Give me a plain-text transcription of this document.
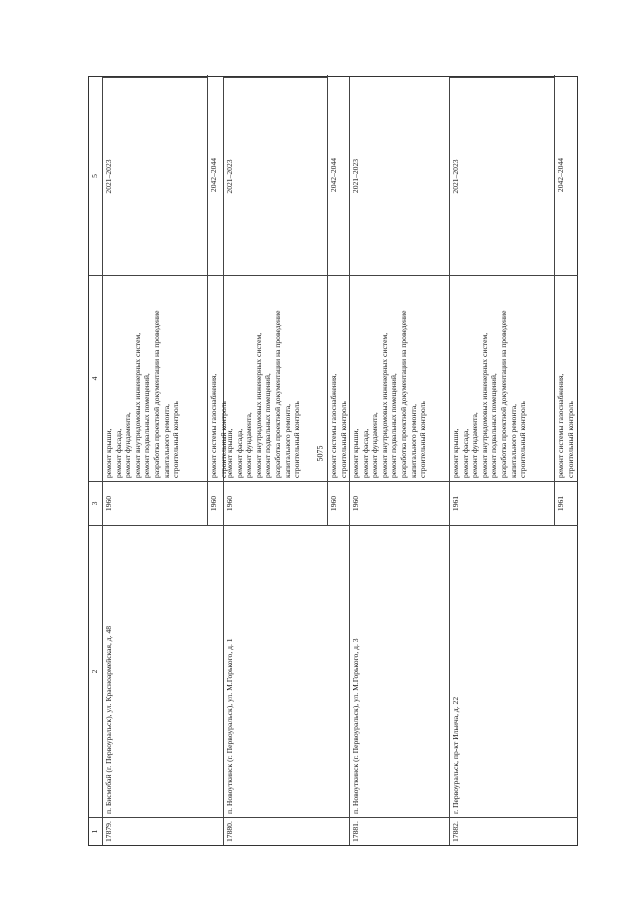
5075
1
2
3
4
5
17879.
п. Бисмобай (г. Первоуральск), ул. Красноармейская, д. 48
1960
ремонт крыши,
ремонт фасада,
ремонт фундамента,
ремонт внутридомовых инженерных систем,
ремонт подвальных помещений,
разработка проектной документации на проведение капитального ремонта,
строительный контроль
2021–2023
1960
ремонт системы газоснабжения,
строительный контроль
2042–2044
17880.
п. Новоуткинск (г. Первоуральск), ул. М.Горького, д. 1
1960
ремонт крыши,
ремонт фасада,
ремонт фундамента,
ремонт внутридомовых инженерных систем,
ремонт подвальных помещений,
разработка проектной документации на проведение капитального ремонта,
строительный контроль
2021–2023
1960
ремонт системы газоснабжения,
строительный контроль
2042–2044
17881.
п. Новоуткинск (г. Первоуральск), ул. М.Горького, д. 3
1960
ремонт крыши,
ремонт фасада,
ремонт фундамента,
ремонт внутридомовых инженерных систем,
ремонт подвальных помещений,
разработка проектной документации на проведение капитального ремонта,
строительный контроль
2021–2023
17882.
г. Первоуральск, пр-кт Ильича, д. 22
1961
ремонт крыши,
ремонт фасада,
ремонт фундамента,
ремонт внутридомовых инженерных систем,
ремонт подвальных помещений,
разработка проектной документации на проведение капитального ремонта,
строительный контроль
2021–2023
1961
ремонт системы газоснабжения,
строительный контроль
2042–2044
